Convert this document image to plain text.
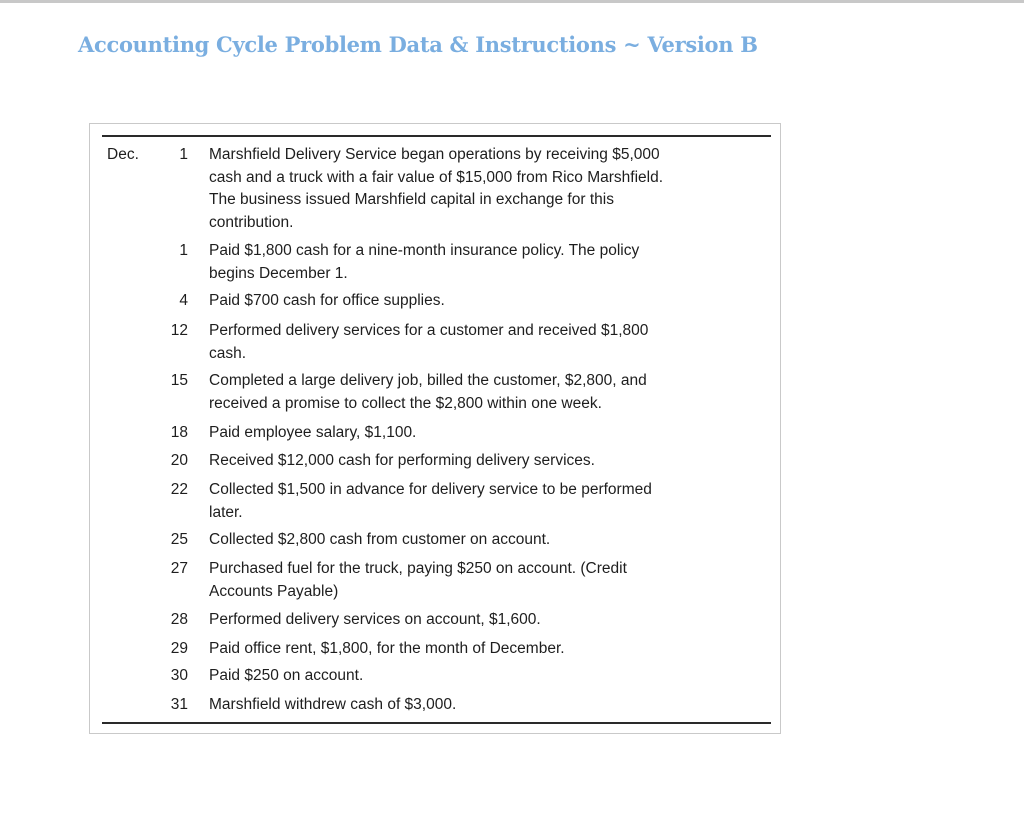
Accounting Cycle Problem Data & Instructions ~ Version B
Dec.	1 Marshfield Delivery Service began operations by receiving $5,000
cash and a truck with a fair value of $15,000 from Rico Marshfield.
The business issued Marshfield capital in exchange for this
contribution.
1 Paid $1,800 cash for a nine-month insurance policy. The policy
begins December 1.
4 Paid $700 cash for office supplies.
12 Performed delivery services for a customer and received $1,800
cash.
15 Completed a large delivery job, billed the customer, $2,800, and
received a promise to collect the $2,800 within one week.
18 Paid employee salary, $1,100.
20 Received $12,000 cash for performing delivery services.
22 Collected $1,500 in advance for delivery service to be performed
later.
25 Collected $2,800 cash from customer on account.
27 Purchased fuel for the truck, paying $250 on account. (Credit
Accounts Payable)
28 Performed delivery services on account, $1,600.
29 Paid office rent, $1,800, for the month of December.
30 Paid $250 on account.
31 Marshfield withdrew cash of $3,000.
